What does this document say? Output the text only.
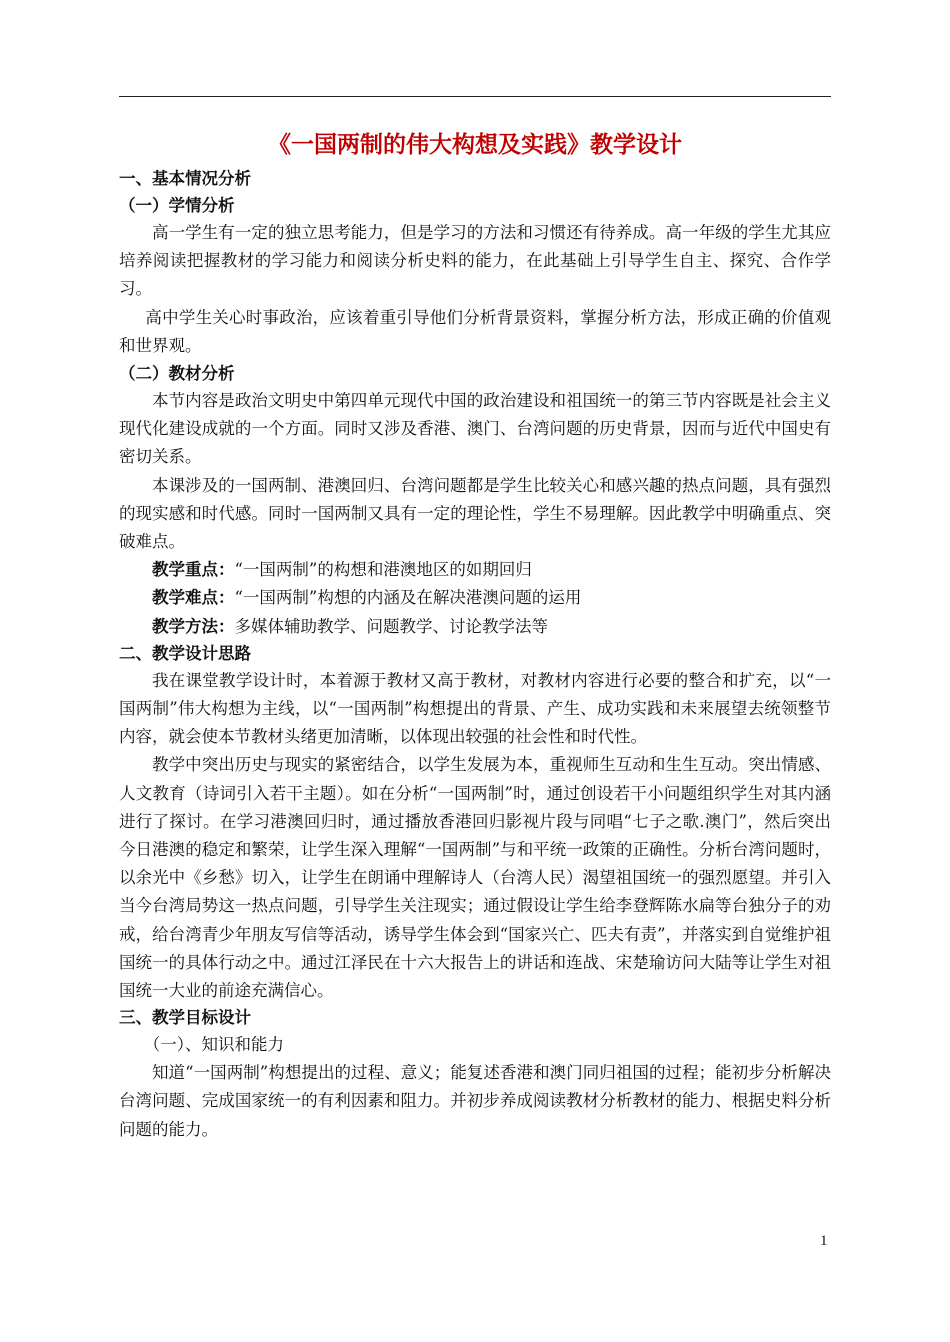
《一国两制的伟大构想及实践》教学设计
一、基本情况分析
（一）学情分析

高一学生有一定的独立思考能力，但是学习的方法和习惯还有待养成。高一年级的学生尤其应培养阅读把握教材的学习能力和阅读分析史料的能力，在此基础上引导学生自主、探究、合作学习。

高中学生关心时事政治，应该着重引导他们分析背景资料，掌握分析方法，形成正确的价值观和世界观。

（二）教材分析

本节内容是政治文明史中第四单元现代中国的政治建设和祖国统一的第三节内容既是社会主义现代化建设成就的一个方面。同时又涉及香港、澳门、台湾问题的历史背景，因而与近代中国史有密切关系。

本课涉及的一国两制、港澳回归、台湾问题都是学生比较关心和感兴趣的热点问题，具有强烈的现实感和时代感。同时一国两制又具有一定的理论性，学生不易理解。因此教学中明确重点、突破难点。

教学重点：“一国两制”的构想和港澳地区的如期回归

教学难点：“一国两制”构想的内涵及在解决港澳问题的运用

教学方法：多媒体辅助教学、问题教学、讨论教学法等

二、教学设计思路

我在课堂教学设计时，本着源于教材又高于教材，对教材内容进行必要的整合和扩充，以“一国两制”伟大构想为主线，以“一国两制”构想提出的背景、产生、成功实践和未来展望去统领整节内容，就会使本节教材头绪更加清晰，以体现出较强的社会性和时代性。

教学中突出历史与现实的紧密结合，以学生发展为本，重视师生互动和生生互动。突出情感、人文教育（诗词引入若干主题）。如在分析“一国两制”时，通过创设若干小问题组织学生对其内涵进行了探讨。在学习港澳回归时，通过播放香港回归影视片段与同唱“七子之歌.澳门”，然后突出今日港澳的稳定和繁荣，让学生深入理解“一国两制”与和平统一政策的正确性。分析台湾问题时，以余光中《乡愁》切入，让学生在朗诵中理解诗人（台湾人民）渴望祖国统一的强烈愿望。并引入当今台湾局势这一热点问题，引导学生关注现实；通过假设让学生给李登辉陈水扁等台独分子的劝戒，给台湾青少年朋友写信等活动，诱导学生体会到“国家兴亡、匹夫有责”，并落实到自觉维护祖国统一的具体行动之中。通过江泽民在十六大报告上的讲话和连战、宋楚瑜访问大陆等让学生对祖国统一大业的前途充满信心。

三、教学目标设计
（一）、知识和能力

知道“一国两制”构想提出的过程、意义；能复述香港和澳门同归祖国的过程；能初步分析解决台湾问题、完成国家统一的有利因素和阻力。并初步养成阅读教材分析教材的能力、根据史料分析问题的能力。

1
